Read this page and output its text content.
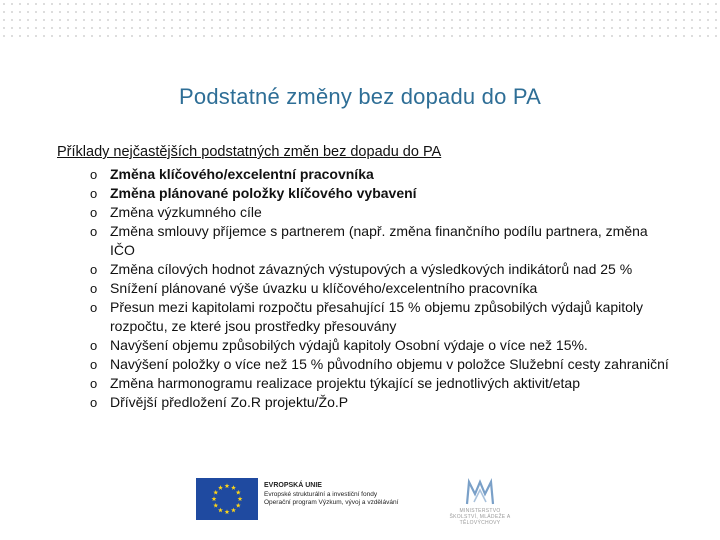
Podstatné změny bez dopadu do PA
Příklady nejčastějších podstatných změn bez dopadu do PA
o Změna klíčového/excelentní pracovníka
o Změna plánované položky klíčového vybavení
o Změna výzkumného cíle
o Změna smlouvy příjemce s partnerem (např. změna finančního podílu partnera, změna IČO
o Změna cílových hodnot závazných výstupových a výsledkových indikátorů nad 25 %
o Snížení plánované výše úvazku u klíčového/excelentního pracovníka
o Přesun mezi kapitolami rozpočtu přesahující 15 % objemu způsobilých výdajů kapitoly rozpočtu, ze které jsou prostředky přesouvány
o Navýšení objemu způsobilých výdajů kapitoly Osobní výdaje o více než 15%.
o Navýšení položky o více než 15 % původního objemu v položce Služební cesty zahraniční
o Změna harmonogramu realizace projektu týkající se jednotlivých aktivit/etap
o Dřívější předložení Zo.R projektu/Žo.P
EVROPSKÁ UNIE
Evropské strukturální a investiční fondy
Operační program Výzkum, vývoj a vzdělávání
MINISTERSTVO ŠKOLSTVÍ, MLÁDEŽE A TĚLOVÝCHOVY
